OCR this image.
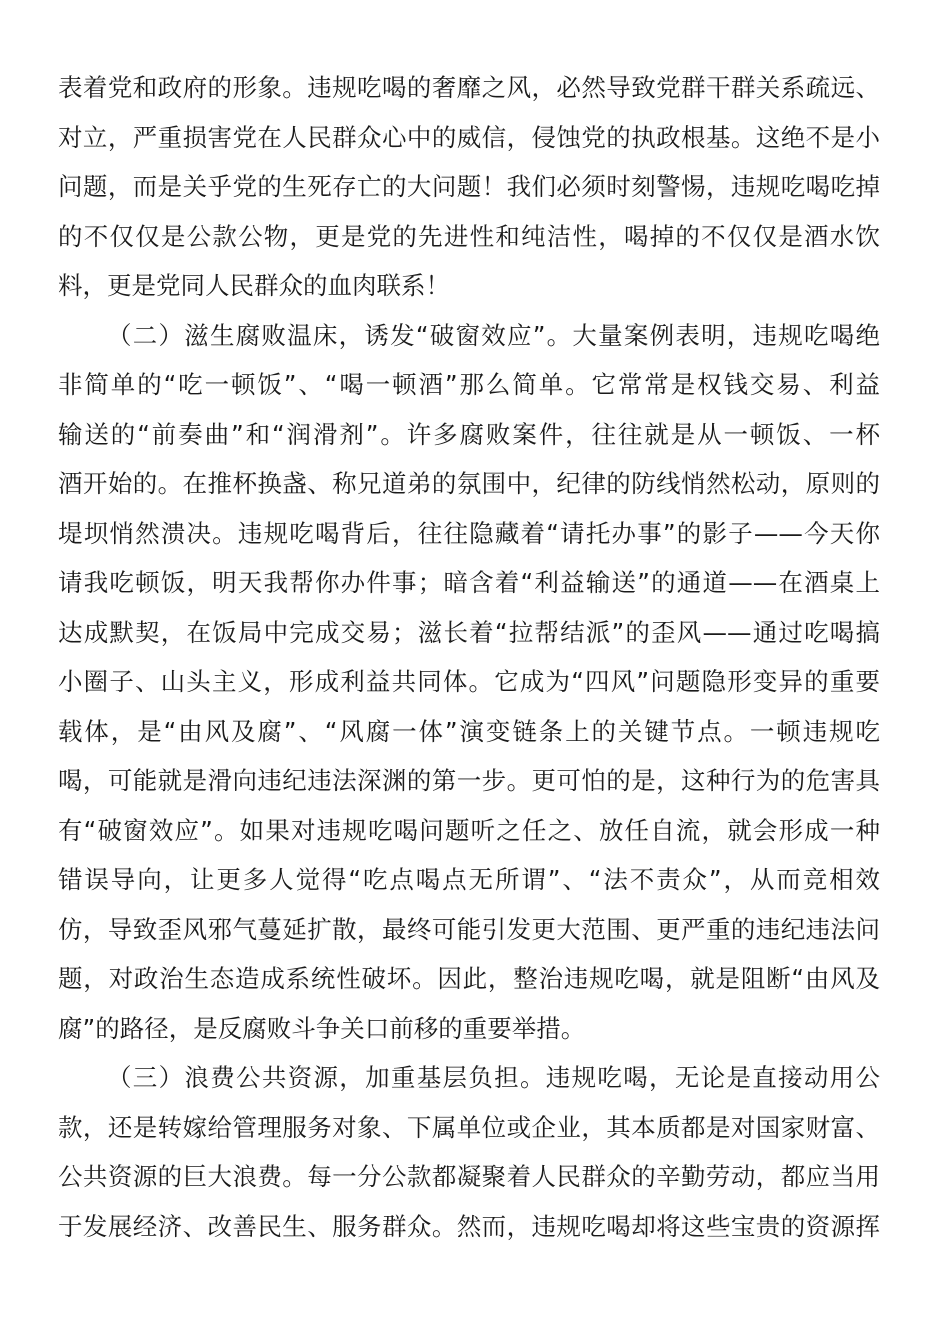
表着党和政府的形象。违规吃喝的奢靡之风，必然导致党群干群关系疏远、
对立，严重损害党在人民群众心中的威信，侵蚀党的执政根基。这绝不是小
问题，而是关乎党的生死存亡的大问题！我们必须时刻警惕，违规吃喝吃掉
的不仅仅是公款公物，更是党的先进性和纯洁性，喝掉的不仅仅是酒水饮
料，更是党同人民群众的血肉联系！
（二）滋生腐败温床，诱发“破窗效应”。大量案例表明，违规吃喝绝
非简单的“吃一顿饭”、“喝一顿酒”那么简单。它常常是权钱交易、利益
输送的“前奏曲”和“润滑剂”。许多腐败案件，往往就是从一顿饭、一杯
酒开始的。在推杯换盏、称兄道弟的氛围中，纪律的防线悄然松动，原则的
堤坝悄然溃决。违规吃喝背后，往往隐藏着“请托办事”的影子——今天你
请我吃顿饭，明天我帮你办件事；暗含着“利益输送”的通道——在酒桌上
达成默契，在饭局中完成交易；滋长着“拉帮结派”的歪风——通过吃喝搞
小圈子、山头主义，形成利益共同体。它成为“四风”问题隐形变异的重要
载体，是“由风及腐”、“风腐一体”演变链条上的关键节点。一顿违规吃
喝，可能就是滑向违纪违法深渊的第一步。更可怕的是，这种行为的危害具
有“破窗效应”。如果对违规吃喝问题听之任之、放任自流，就会形成一种
错误导向，让更多人觉得“吃点喝点无所谓”、“法不责众”，从而竞相效
仿，导致歪风邪气蔓延扩散，最终可能引发更大范围、更严重的违纪违法问
题，对政治生态造成系统性破坏。因此，整治违规吃喝，就是阻断“由风及
腐”的路径，是反腐败斗争关口前移的重要举措。
（三）浪费公共资源，加重基层负担。违规吃喝，无论是直接动用公
款，还是转嫁给管理服务对象、下属单位或企业，其本质都是对国家财富、
公共资源的巨大浪费。每一分公款都凝聚着人民群众的辛勤劳动，都应当用
于发展经济、改善民生、服务群众。然而，违规吃喝却将这些宝贵的资源挥
